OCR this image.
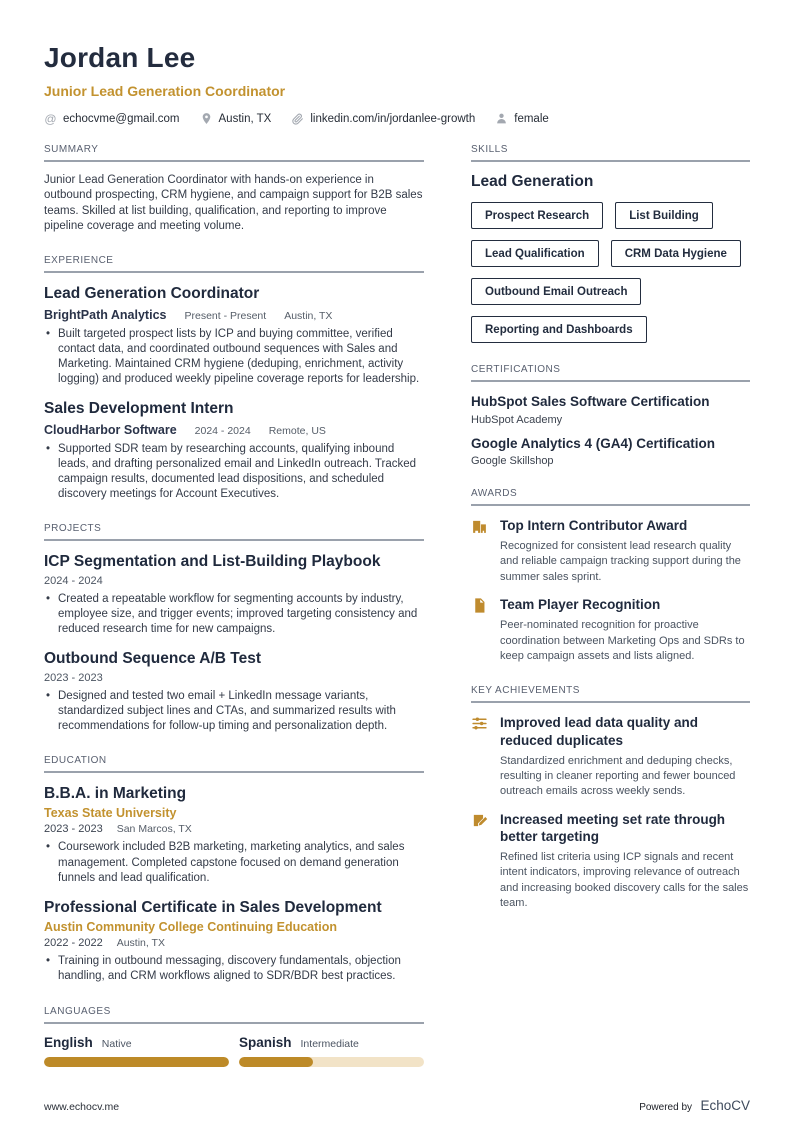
Jordan Lee
Junior Lead Generation Coordinator
@ echocvme@gmail.com	Austin, TX	linkedin.com/in/jordanlee-growth	female
SUMMARY
Junior Lead Generation Coordinator with hands-on experience in outbound prospecting, CRM hygiene, and campaign support for B2B sales teams. Skilled at list building, qualification, and reporting to improve pipeline coverage and meeting volume.
EXPERIENCE
Lead Generation Coordinator
BrightPath Analytics Present - Present Austin, TX
• Built targeted prospect lists by ICP and buying committee, verified contact data, and coordinated outbound sequences with Sales and Marketing. Maintained CRM hygiene (deduping, enrichment, activity logging) and produced weekly pipeline coverage reports for leadership.
Sales Development Intern
CloudHarbor Software 2024 - 2024 Remote, US
• Supported SDR team by researching accounts, qualifying inbound leads, and drafting personalized email and LinkedIn outreach. Tracked campaign results, documented lead dispositions, and scheduled discovery meetings for Account Executives.
PROJECTS
ICP Segmentation and List-Building Playbook
2024 - 2024
• Created a repeatable workflow for segmenting accounts by industry, employee size, and trigger events; improved targeting consistency and reduced research time for new campaigns.
Outbound Sequence A/B Test
2023 - 2023
• Designed and tested two email + LinkedIn message variants, standardized subject lines and CTAs, and summarized results with recommendations for follow-up timing and personalization depth.
EDUCATION
B.B.A. in Marketing
Texas State University
2023 - 2023 San Marcos, TX
• Coursework included B2B marketing, marketing analytics, and sales management. Completed capstone focused on demand generation funnels and lead qualification.
Professional Certificate in Sales Development
Austin Community College Continuing Education
2022 - 2022 Austin, TX
• Training in outbound messaging, discovery fundamentals, objection handling, and CRM workflows aligned to SDR/BDR best practices.
LANGUAGES
English Native	Spanish Intermediate
SKILLS
Lead Generation
Prospect Research	List Building
Lead Qualification	CRM Data Hygiene
Outbound Email Outreach
Reporting and Dashboards
CERTIFICATIONS
HubSpot Sales Software Certification
HubSpot Academy
Google Analytics 4 (GA4) Certification
Google Skillshop
AWARDS
Top Intern Contributor Award
Recognized for consistent lead research quality and reliable campaign tracking support during the summer sales sprint.
Team Player Recognition
Peer-nominated recognition for proactive coordination between Marketing Ops and SDRs to keep campaign assets and lists aligned.
KEY ACHIEVEMENTS
Improved lead data quality and reduced duplicates
Standardized enrichment and deduping checks, resulting in cleaner reporting and fewer bounced outreach emails across weekly sends.
Increased meeting set rate through better targeting
Refined list criteria using ICP signals and recent intent indicators, improving relevance of outreach and increasing booked discovery calls for the sales team.
www.echocv.me	Powered by EchoCV
